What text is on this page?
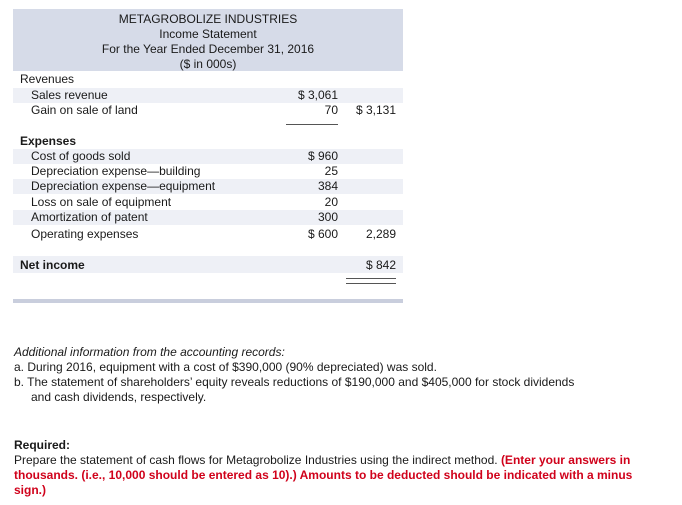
METAGROBOLIZE INDUSTRIES
Income Statement
For the Year Ended December 31, 2016
($ in 000s)
Revenues
Sales revenue	$ 3,061
Gain on sale of land	70	$ 3,131
Expenses
Cost of goods sold	$ 960
Depreciation expense—building	25
Depreciation expense—equipment	384
Loss on sale of equipment	20
Amortization of patent	300
Operating expenses	$ 600	2,289
Net income	$ 842
Additional information from the accounting records:
a. During 2016, equipment with a cost of $390,000 (90% depreciated) was sold.
b. The statement of shareholders’ equity reveals reductions of $190,000 and $405,000 for stock dividends
and cash dividends, respectively.
Required:
Prepare the statement of cash flows for Metagrobolize Industries using the indirect method. (Enter your answers in thousands. (i.e., 10,000 should be entered as 10).) Amounts to be deducted should be indicated with a minus sign.)
